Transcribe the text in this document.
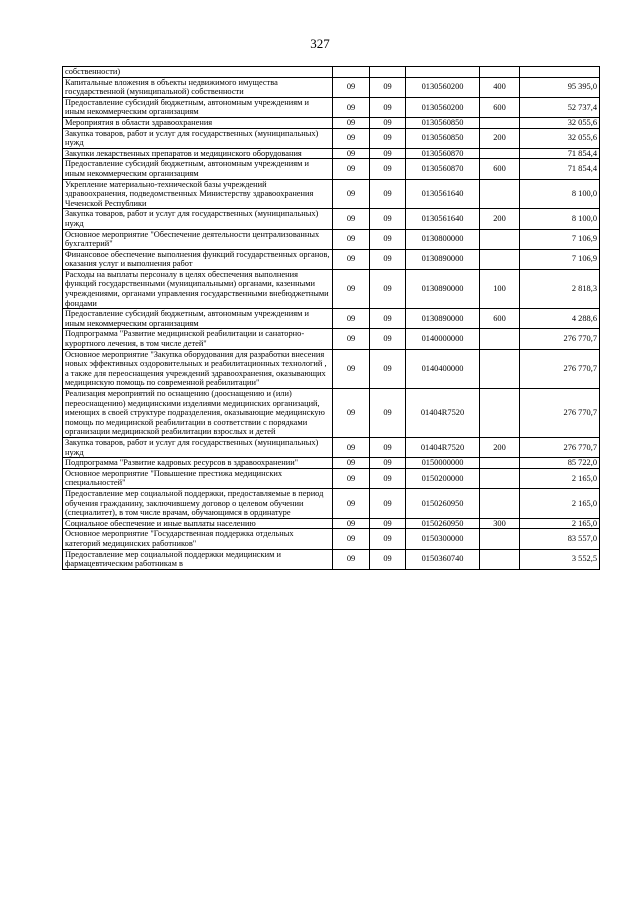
327
собственности)					
Капитальные вложения в объекты недвижимого имущества государственной (муниципальной) собственности	09	09	0130560200	400	95 395,0
Предоставление субсидий бюджетным, автономным учреждениям и иным некоммерческим организациям	09	09	0130560200	600	52 737,4
Мероприятия в области здравоохранения	09	09	0130560850		32 055,6
Закупка товаров, работ и услуг для государственных (муниципальных) нужд	09	09	0130560850	200	32 055,6
Закупки лекарственных препаратов и медицинского оборудования	09	09	0130560870		71 854,4
Предоставление субсидий бюджетным, автономным учреждениям и иным некоммерческим организациям	09	09	0130560870	600	71 854,4
Укрепление материально-технической базы учреждений здравоохранения, подведомственных Министерству здравоохранения Чеченской Республики	09	09	0130561640		8 100,0
Закупка товаров, работ и услуг для государственных (муниципальных) нужд	09	09	0130561640	200	8 100,0
Основное мероприятие "Обеспечение деятельности централизованных бухгалтерий"	09	09	0130800000		7 106,9
Финансовое обеспечение выполнения функций государственных органов, оказания услуг и выполнения работ	09	09	0130890000		7 106,9
Расходы на выплаты персоналу в целях обеспечения выполнения функций государственными (муниципальными) органами, казенными учреждениями, органами управления государственными внебюджетными фондами	09	09	0130890000	100	2 818,3
Предоставление субсидий бюджетным, автономным учреждениям и иным некоммерческим организациям	09	09	0130890000	600	4 288,6
Подпрограмма "Развитие медицинской реабилитации и санаторно-курортного лечения, в том числе детей"	09	09	0140000000		276 770,7
Основное мероприятие "Закупка оборудования для разработки внесения новых эффективных оздоровительных и реабилитационных технологий , а также для переоснащения учреждений здравоохранения, оказывающих медицинскую помощь по современной реабилитации"	09	09	0140400000		276 770,7
Реализация мероприятий по оснащению (дооснащению и (или) переоснащению) медицинскими изделиями медицинских организаций, имеющих в своей структуре подразделения, оказывающие медицинскую помощь по медицинской реабилитации в соответствии с порядками организации медицинской реабилитации взрослых и детей	09	09	01404R7520		276 770,7
Закупка товаров, работ и услуг для государственных (муниципальных) нужд	09	09	01404R7520	200	276 770,7
Подпрограмма "Развитие кадровых ресурсов в здравоохранении"	09	09	0150000000		85 722,0
Основное мероприятие "Повышение престижа медицинских специальностей"	09	09	0150200000		2 165,0
Предоставление мер социальной поддержки, предоставляемые в период обучения гражданину, заключившему договор о целевом обучении (специалитет), в том числе врачам, обучающимся в ординатуре	09	09	0150260950		2 165,0
Социальное обеспечение и иные выплаты населению	09	09	0150260950	300	2 165,0
Основное мероприятие "Государственная поддержка отдельных категорий медицинских работников"	09	09	0150300000		83 557,0
Предоставление мер социальной поддержки медицинским и фармацевтическим работникам в	09	09	0150360740		3 552,5
